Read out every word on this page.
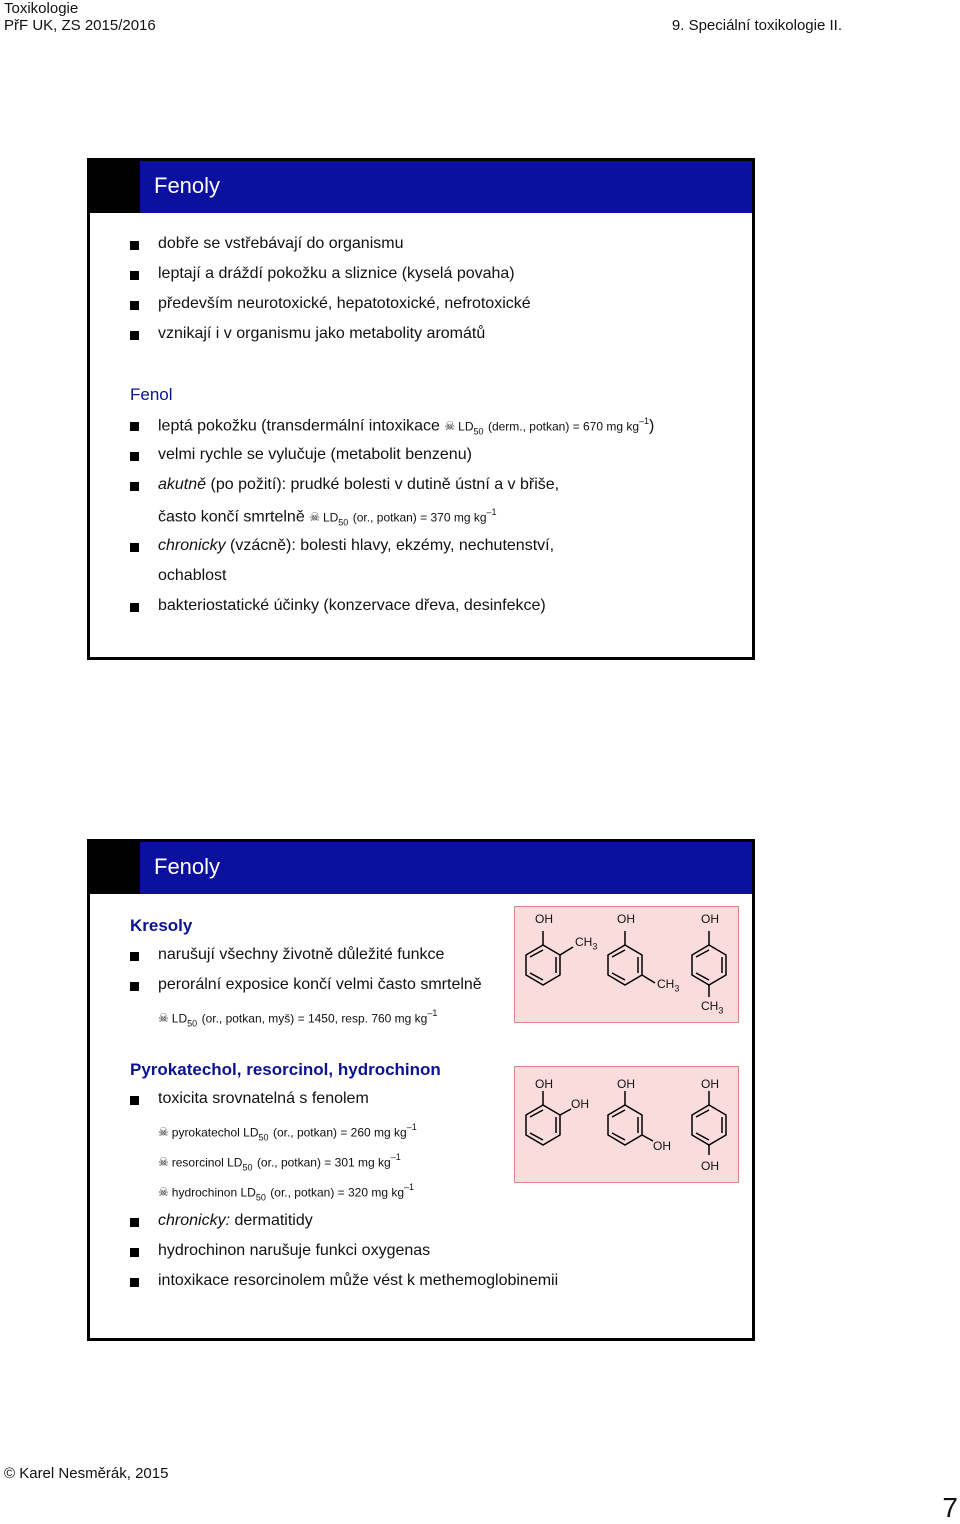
Toxikologie
PřF UK, ZS 2015/2016	9. Speciální toxikologie II.
Fenoly
dobře se vstřebávají do organismu
leptají a dráždí pokožku a sliznice (kyselá povaha)
především neurotoxické, hepatotoxické, nefrotoxické
vznikají i v organismu jako metabolity aromátů
Fenol
leptá pokožku (transdermální intoxikace ☠ $LD_{50}$ (derm., potkan) = 670 mg $kg^{-1}$)
velmi rychle se vylučuje (metabolit benzenu)
akutně (po požití): prudké bolesti v dutině ústní a v břiše,
často končí smrtelně ☠ $LD_{50}$ (or., potkan) = 370 mg $kg^{-1}$
chronicky (vzácně): bolesti hlavy, ekzémy, nechutenství,
ochablost
bakteriostatické účinky (konzervace dřeva, desinfekce)
Fenoly
Kresoly
narušují všechny životně důležité funkce
perorální exposice končí velmi často smrtelně
☠ $LD_{50}$ (or., potkan, myš) = 1450, resp. 760 mg $kg^{-1}$
OH
$CH_3$
OH
$CH_3$
OH
$CH_3$
Pyrokatechol, resorcinol, hydrochinon
toxicita srovnatelná s fenolem
☠ pyrokatechol $LD_{50}$ (or., potkan) = 260 mg $kg^{-1}$
☠ resorcinol $LD_{50}$ (or., potkan) = 301 mg $kg^{-1}$
☠ hydrochinon $LD_{50}$ (or., potkan) = 320 mg $kg^{-1}$
chronicky: dermatitidy
hydrochinon narušuje funkci oxygenas
intoxikace resorcinolem může vést k methemoglobinemii
OH
OH
OH
OH
OH
OH
© Karel Nesměrák, 2015
7
